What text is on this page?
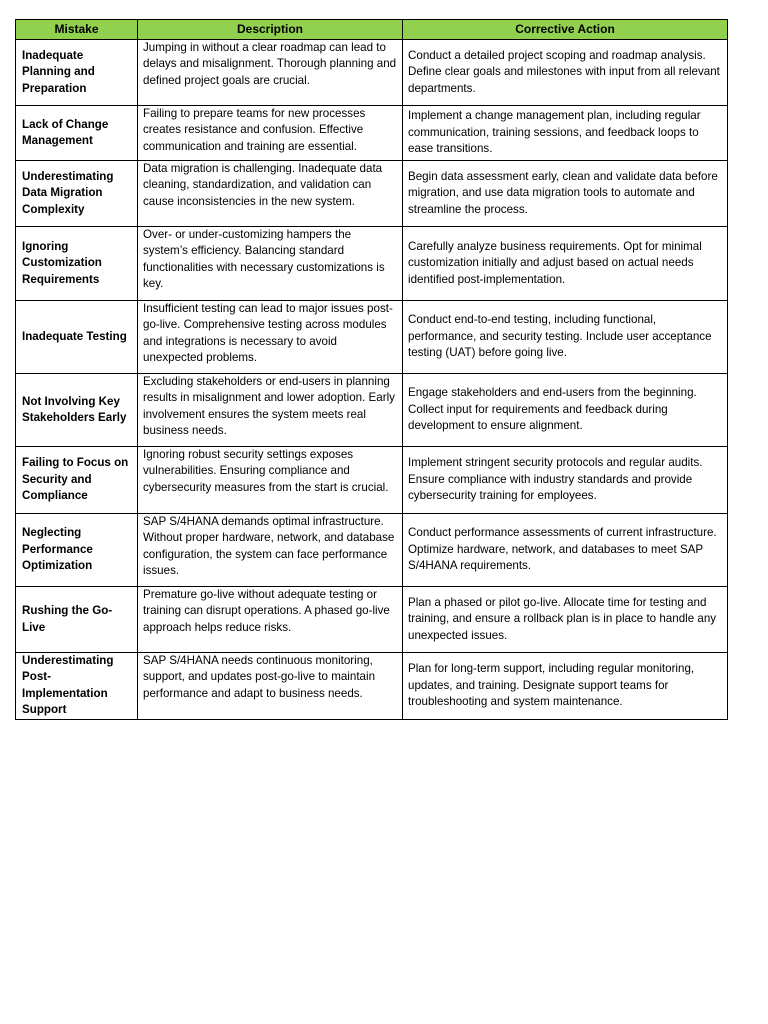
Mistake	Description	Corrective Action
Inadequate Planning and Preparation	Jumping in without a clear roadmap can lead to delays and misalignment. Thorough planning and defined project goals are crucial.	Conduct a detailed project scoping and roadmap analysis. Define clear goals and milestones with input from all relevant departments.
Lack of Change Management	Failing to prepare teams for new processes creates resistance and confusion. Effective communication and training are essential.	Implement a change management plan, including regular communication, training sessions, and feedback loops to ease transitions.
Underestimating Data Migration Complexity	Data migration is challenging. Inadequate data cleaning, standardization, and validation can cause inconsistencies in the new system.	Begin data assessment early, clean and validate data before migration, and use data migration tools to automate and streamline the process.
Ignoring Customization Requirements	Over- or under-customizing hampers the system’s efficiency. Balancing standard functionalities with necessary customizations is key.	Carefully analyze business requirements. Opt for minimal customization initially and adjust based on actual needs identified post-implementation.
Inadequate Testing	Insufficient testing can lead to major issues post-go-live. Comprehensive testing across modules and integrations is necessary to avoid unexpected problems.	Conduct end-to-end testing, including functional, performance, and security testing. Include user acceptance testing (UAT) before going live.
Not Involving Key Stakeholders Early	Excluding stakeholders or end-users in planning results in misalignment and lower adoption. Early involvement ensures the system meets real business needs.	Engage stakeholders and end-users from the beginning. Collect input for requirements and feedback during development to ensure alignment.
Failing to Focus on Security and Compliance	Ignoring robust security settings exposes vulnerabilities. Ensuring compliance and cybersecurity measures from the start is crucial.	Implement stringent security protocols and regular audits. Ensure compliance with industry standards and provide cybersecurity training for employees.
Neglecting Performance Optimization	SAP S/4HANA demands optimal infrastructure. Without proper hardware, network, and database configuration, the system can face performance issues.	Conduct performance assessments of current infrastructure. Optimize hardware, network, and databases to meet SAP S/4HANA requirements.
Rushing the Go-Live	Premature go-live without adequate testing or training can disrupt operations. A phased go-live approach helps reduce risks.	Plan a phased or pilot go-live. Allocate time for testing and training, and ensure a rollback plan is in place to handle any unexpected issues.
Underestimating Post-Implementation Support	SAP S/4HANA needs continuous monitoring, support, and updates post-go-live to maintain performance and adapt to business needs.	Plan for long-term support, including regular monitoring, updates, and training. Designate support teams for troubleshooting and system maintenance.
